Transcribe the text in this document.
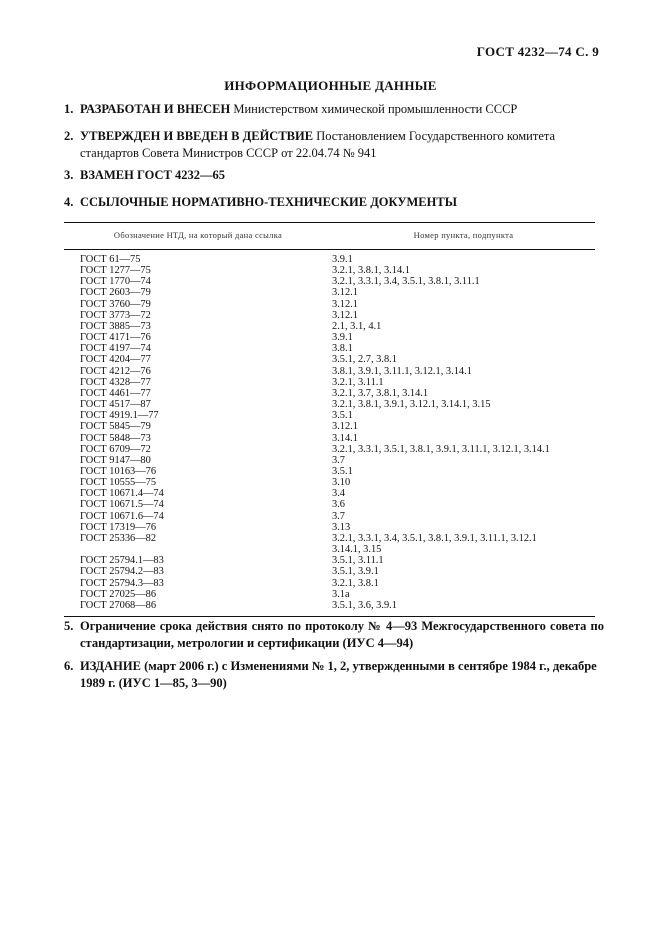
ГОСТ 4232—74 С. 9
ИНФОРМАЦИОННЫЕ ДАННЫЕ
1. РАЗРАБОТАН И ВНЕСЕН Министерством химической промышленности СССР
2. УТВЕРЖДЕН И ВВЕДЕН В ДЕЙСТВИЕ Постановлением Государственного комитета стандартов Совета Министров СССР от 22.04.74 № 941
3. ВЗАМЕН ГОСТ 4232—65
4. ССЫЛОЧНЫЕ НОРМАТИВНО-ТЕХНИЧЕСКИЕ ДОКУМЕНТЫ
Обозначение НТД, на который дана ссылка	Номер пункта, подпункта
ГОСТ 61—75	3.9.1
ГОСТ 1277—75	3.2.1, 3.8.1, 3.14.1
ГОСТ 1770—74	3.2.1, 3.3.1, 3.4, 3.5.1, 3.8.1, 3.11.1
ГОСТ 2603—79	3.12.1
ГОСТ 3760—79	3.12.1
ГОСТ 3773—72	3.12.1
ГОСТ 3885—73	2.1, 3.1, 4.1
ГОСТ 4171—76	3.9.1
ГОСТ 4197—74	3.8.1
ГОСТ 4204—77	3.5.1, 2.7, 3.8.1
ГОСТ 4212—76	3.8.1, 3.9.1, 3.11.1, 3.12.1, 3.14.1
ГОСТ 4328—77	3.2.1, 3.11.1
ГОСТ 4461—77	3.2.1, 3.7, 3.8.1, 3.14.1
ГОСТ 4517—87	3.2.1, 3.8.1, 3.9.1, 3.12.1, 3.14.1, 3.15
ГОСТ 4919.1—77	3.5.1
ГОСТ 5845—79	3.12.1
ГОСТ 5848—73	3.14.1
ГОСТ 6709—72	3.2.1, 3.3.1, 3.5.1, 3.8.1, 3.9.1, 3.11.1, 3.12.1, 3.14.1
ГОСТ 9147—80	3.7
ГОСТ 10163—76	3.5.1
ГОСТ 10555—75	3.10
ГОСТ 10671.4—74	3.4
ГОСТ 10671.5—74	3.6
ГОСТ 10671.6—74	3.7
ГОСТ 17319—76	3.13
ГОСТ 25336—82	3.2.1, 3.3.1, 3.4, 3.5.1, 3.8.1, 3.9.1, 3.11.1, 3.12.1
3.14.1, 3.15
ГОСТ 25794.1—83	3.5.1, 3.11.1
ГОСТ 25794.2—83	3.5.1, 3.9.1
ГОСТ 25794.3—83	3.2.1, 3.8.1
ГОСТ 27025—86	3.1а
ГОСТ 27068—86	3.5.1, 3.6, 3.9.1
5. Ограничение срока действия снято по протоколу № 4—93 Межгосударственного совета по стандартизации, метрологии и сертификации (ИУС 4—94)
6. ИЗДАНИЕ (март 2006 г.) с Изменениями № 1, 2, утвержденными в сентябре 1984 г., декабре 1989 г. (ИУС 1—85, 3—90)
